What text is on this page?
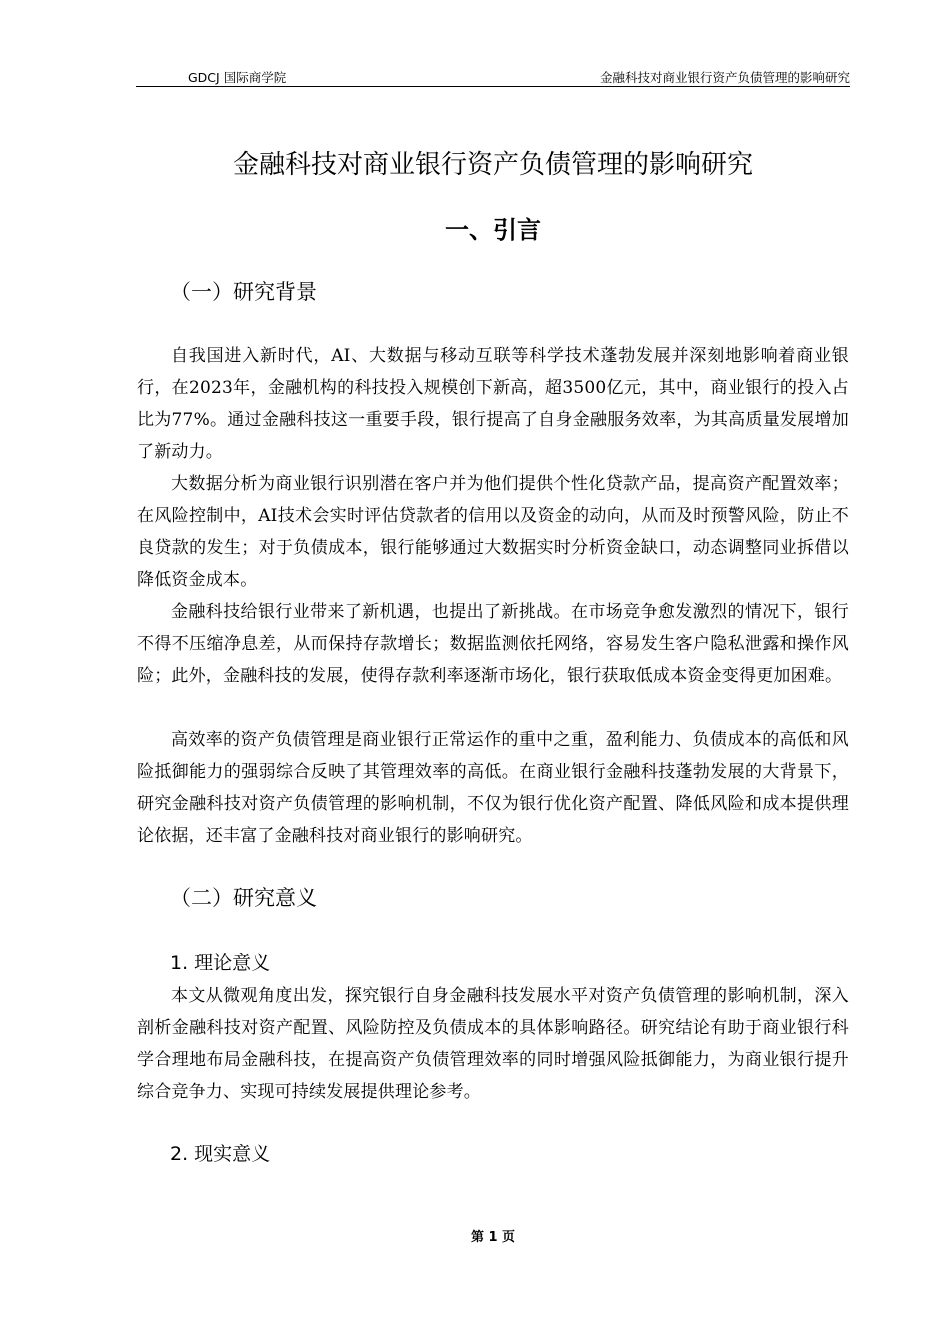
GDCJ 国际商学院	金融科技对商业银行资产负债管理的影响研究
金融科技对商业银行资产负债管理的影响研究
一、引言
（一）研究背景

自我国进入新时代，AI、大数据与移动互联等科学技术蓬勃发展并深刻地影响着商业银行，在2023年，金融机构的科技投入规模创下新高，超3500亿元，其中，商业银行的投入占比为77%。通过金融科技这一重要手段，银行提高了自身金融服务效率，为其高质量发展增加了新动力。

大数据分析为商业银行识别潜在客户并为他们提供个性化贷款产品，提高资产配置效率；在风险控制中，AI技术会实时评估贷款者的信用以及资金的动向，从而及时预警风险，防止不良贷款的发生；对于负债成本，银行能够通过大数据实时分析资金缺口，动态调整同业拆借以降低资金成本。

金融科技给银行业带来了新机遇，也提出了新挑战。在市场竞争愈发激烈的情况下，银行不得不压缩净息差，从而保持存款增长；数据监测依托网络，容易发生客户隐私泄露和操作风险；此外，金融科技的发展，使得存款利率逐渐市场化，银行获取低成本资金变得更加困难。

高效率的资产负债管理是商业银行正常运作的重中之重，盈利能力、负债成本的高低和风险抵御能力的强弱综合反映了其管理效率的高低。在商业银行金融科技蓬勃发展的大背景下，研究金融科技对资产负债管理的影响机制，不仅为银行优化资产配置、降低风险和成本提供理论依据，还丰富了金融科技对商业银行的影响研究。

（二）研究意义
1. 理论意义

本文从微观角度出发，探究银行自身金融科技发展水平对资产负债管理的影响机制，深入剖析金融科技对资产配置、风险防控及负债成本的具体影响路径。研究结论有助于商业银行科学合理地布局金融科技，在提高资产负债管理效率的同时增强风险抵御能力，为商业银行提升综合竞争力、实现可持续发展提供理论参考。

2. 现实意义
第 1 页
